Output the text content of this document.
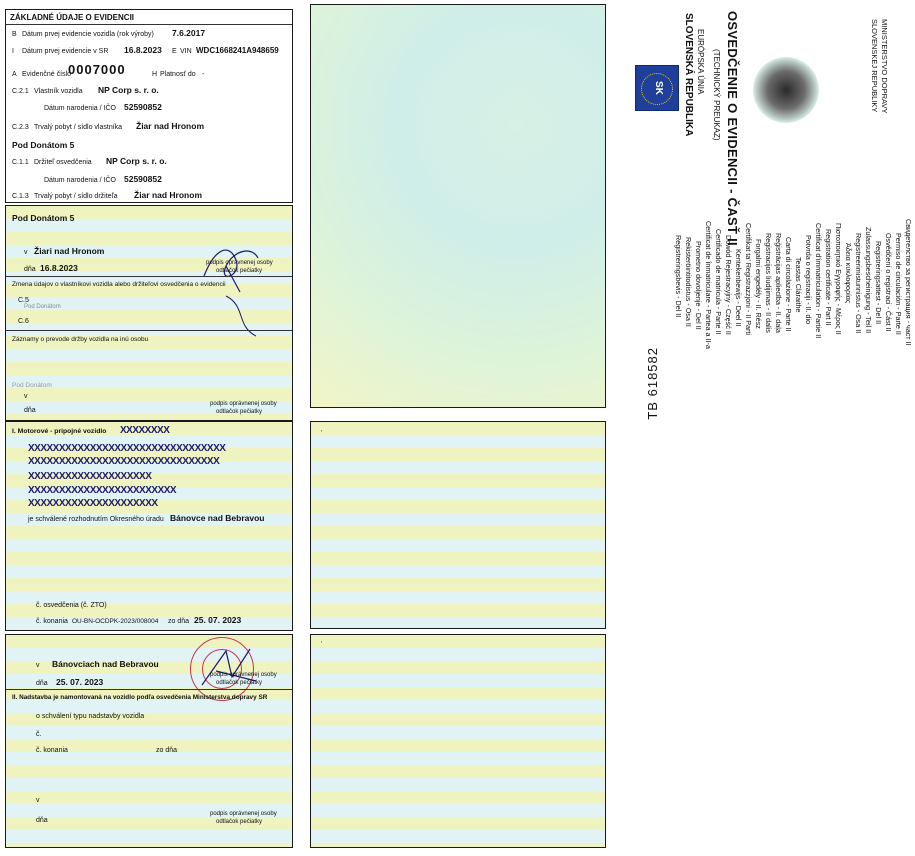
ZÁKLADNÉ ÚDAJE O EVIDENCII
B Dátum prvej evidencie vozidla (rok výroby) 7.6.2017
I Dátum prvej evidencie v SR 16.8.2023 E VIN WDC1668241A948659
A Evidenčné číslo
0007000	H Platnosť do -
C.2.1 Vlastník vozidla NP Corp s. r. o.
Dátum narodenia / IČO 52590852
C.2.3 Trvalý pobyt / sídlo vlastníka Žiar nad Hronom
Pod Donátom 5
C.1.1 Držiteľ osvedčenia NP Corp s. r. o.
Dátum narodenia / IČO 52590852
C.1.3 Trvalý pobyt / sídlo držiteľa Žiar nad Hronom
Pod Donátom 5
v Žiari nad Hronom
dňa 16.8.2023	podpis oprávnenej osoby
odtlačok pečiatky
Zmena údajov o vlastníkovi vozidla alebo držiteľovi osvedčenia o evidencii
C.5
Pod Donátom
C.6
Záznamy o prevode držby vozidla na inú osobu
Pod Donátom
v
dňa
podpis oprávnenej osoby
odtlačok pečiatky
I. Motorové - pripojné vozidlo XXXXXXXX
XXXXXXXXXXXXXXXXXXXXXXXXXXXXXXXX
XXXXXXXXXXXXXXXXXXXXXXXXXXXXXXX
XXXXXXXXXXXXXXXXXXXX
XXXXXXXXXXXXXXXXXXXXXXXX
XXXXXXXXXXXXXXXXXXXXX
je schválené rozhodnutím Okresného úradu Bánovce nad Bebravou
č. osvedčenia (č. ZTO)
č. konania OU-BN-OCDPK-2023/008004 zo dňa 25. 07. 2023
v Bánovciach nad Bebravou
dňa 25. 07. 2023
podpis oprávnenej osoby
odtlačok pečiatky
II. Nadstavba je namontovaná na vozidlo podľa osvedčenia Ministerstva dopravy SR
o schválení typu nadstavby vozidla
č.
č. konania	zo dňa
v
dňa
podpis oprávnenej osoby
odtlačok pečiatky
'
'
TB 618582
Свидетелство за регистрация - част II
Permiso de circulación - Parte II
Osvědčení o registraci - Část II
Registreringsattest - Del II
Zulassungsbescheinigung - Teil II
Registreerimistunnistus - Osa II
Άδεια κυκλοφορίας
Πιστοποιητικό Εγγραφής - Μέρος II
Registration certificate - Part II
Certificat d'immatriculation - Partie II
Potvrda o registraciji - II. dio
Teastas Cláraithe
Carta di circolazione - Parte II
Reģistrācijas apliecība - II. daļa
Registracijos liudijimas - II dalis
Forgalmi engedély - II. Rész
Certifikat ta' Registrazzjoni - II Parti
Kentekenbewijs - Deel II
Dowód Rejestracyjny - Część II
Certificado de matrícula - Parte II
Certificat de înmatriculare - Partea a II-a
Prometno dovoljenje - Del II
Rekisteröintitodistus - Osa II
Registreringsbevis - Del II
EURÓPSKA ÚNIA
SLOVENSKÁ REPUBLIKA
SK	OSVEDČENIE O EVIDENCII - ČASŤ II
(TECHNICKÝ PREUKAZ)	MINISTERSTVO DOPRAVY
SLOVENSKEJ REPUBLIKY
